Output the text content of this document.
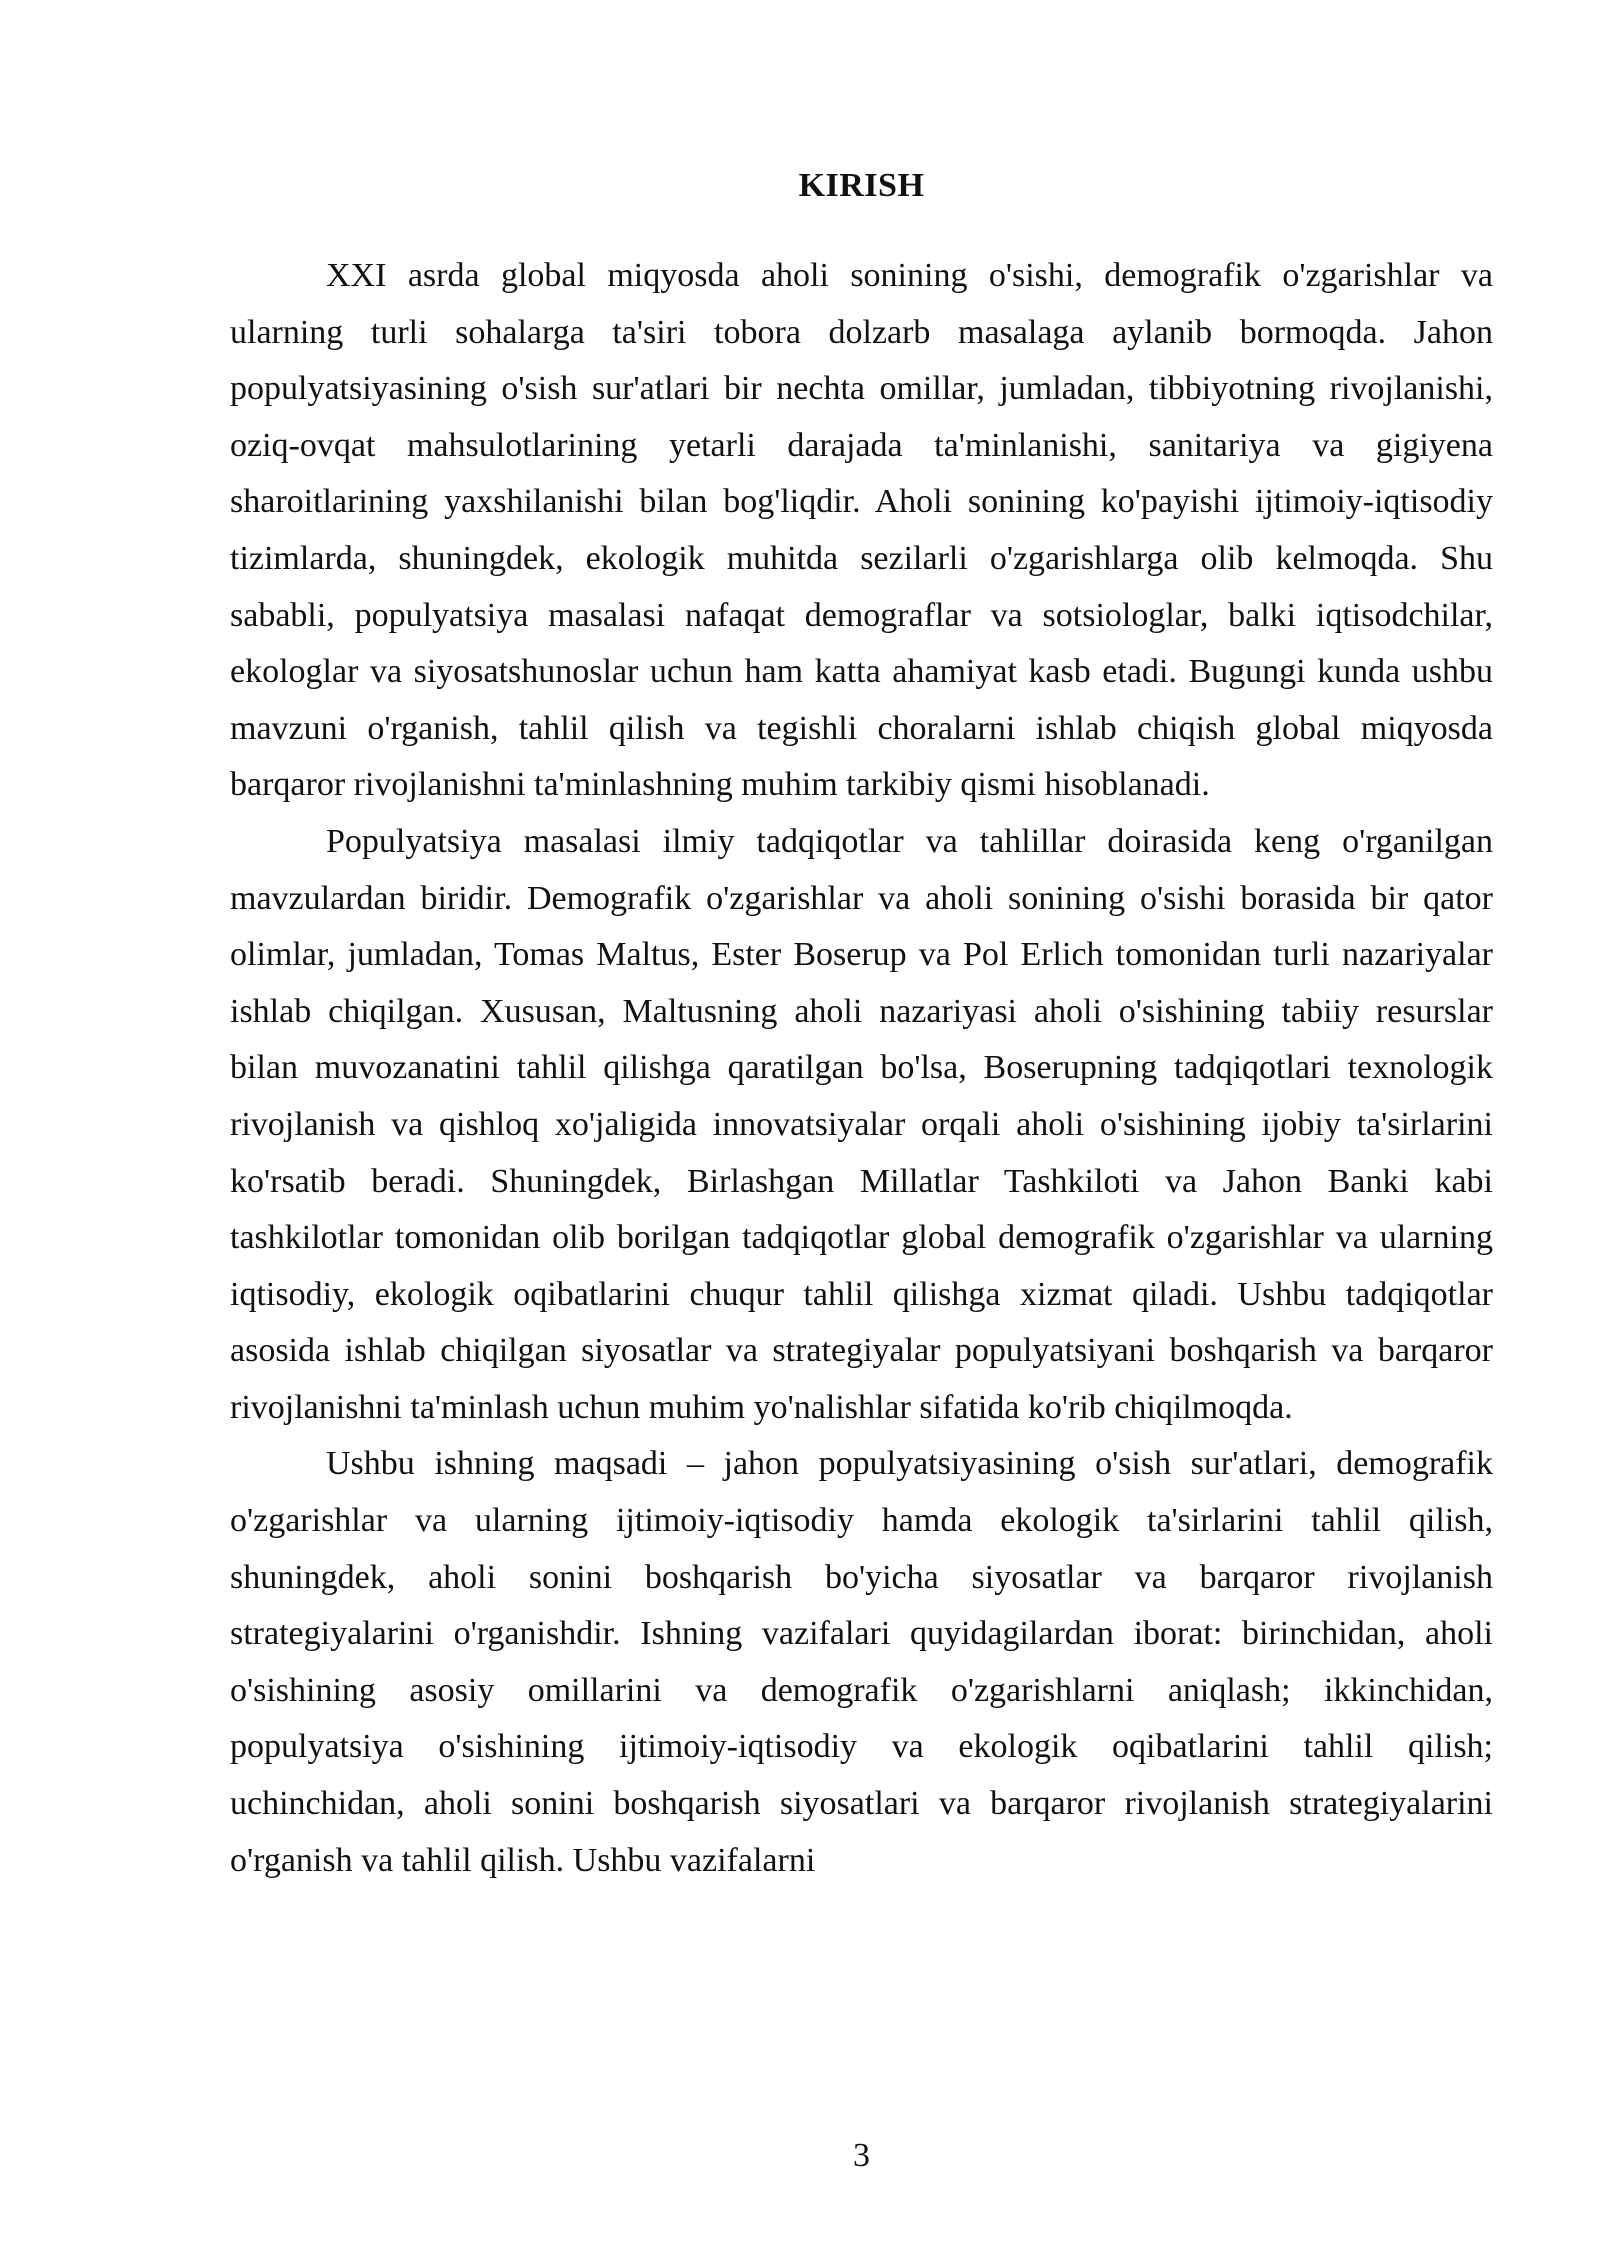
KIRISH

XXI asrda global miqyosda aholi sonining o'sishi, demografik o'zgarishlar va ularning turli sohalarga ta'siri tobora dolzarb masalaga aylanib bormoqda. Jahon populyatsiyasining o'sish sur'atlari bir nechta omillar, jumladan, tibbiyotning rivojlanishi, oziq-ovqat mahsulotlarining yetarli darajada ta'minlanishi, sanitariya va gigiyena sharoitlarining yaxshilanishi bilan bog'liqdir. Aholi sonining ko'payishi ijtimoiy-iqtisodiy tizimlarda, shuningdek, ekologik muhitda sezilarli o'zgarishlarga olib kelmoqda. Shu sababli, populyatsiya masalasi nafaqat demograflar va sotsiologlar, balki iqtisodchilar, ekologlar va siyosatshunoslar uchun ham katta ahamiyat kasb etadi. Bugungi kunda ushbu mavzuni o'rganish, tahlil qilish va tegishli choralarni ishlab chiqish global miqyosda barqaror rivojlanishni ta'minlashning muhim tarkibiy qismi hisoblanadi.

Populyatsiya masalasi ilmiy tadqiqotlar va tahlillar doirasida keng o'rganilgan mavzulardan biridir. Demografik o'zgarishlar va aholi sonining o'sishi borasida bir qator olimlar, jumladan, Tomas Maltus, Ester Boserup va Pol Erlich tomonidan turli nazariyalar ishlab chiqilgan. Xususan, Maltusning aholi nazariyasi aholi o'sishining tabiiy resurslar bilan muvozanatini tahlil qilishga qaratilgan bo'lsa, Boserupning tadqiqotlari texnologik rivojlanish va qishloq xo'jaligida innovatsiyalar orqali aholi o'sishining ijobiy ta'sirlarini ko'rsatib beradi. Shuningdek, Birlashgan Millatlar Tashkiloti va Jahon Banki kabi tashkilotlar tomonidan olib borilgan tadqiqotlar global demografik o'zgarishlar va ularning iqtisodiy, ekologik oqibatlarini chuqur tahlil qilishga xizmat qiladi. Ushbu tadqiqotlar asosida ishlab chiqilgan siyosatlar va strategiyalar populyatsiyani boshqarish va barqaror rivojlanishni ta'minlash uchun muhim yo'nalishlar sifatida ko'rib chiqilmoqda.

Ushbu ishning maqsadi – jahon populyatsiyasining o'sish sur'atlari, demografik o'zgarishlar va ularning ijtimoiy-iqtisodiy hamda ekologik ta'sirlarini tahlil qilish, shuningdek, aholi sonini boshqarish bo'yicha siyosatlar va barqaror rivojlanish strategiyalarini o'rganishdir. Ishning vazifalari quyidagilardan iborat: birinchidan, aholi o'sishining asosiy omillarini va demografik o'zgarishlarni aniqlash; ikkinchidan, populyatsiya o'sishining ijtimoiy-iqtisodiy va ekologik oqibatlarini tahlil qilish; uchinchidan, aholi sonini boshqarish siyosatlari va barqaror rivojlanish strategiyalarini o'rganish va tahlil qilish. Ushbu vazifalarni

3
